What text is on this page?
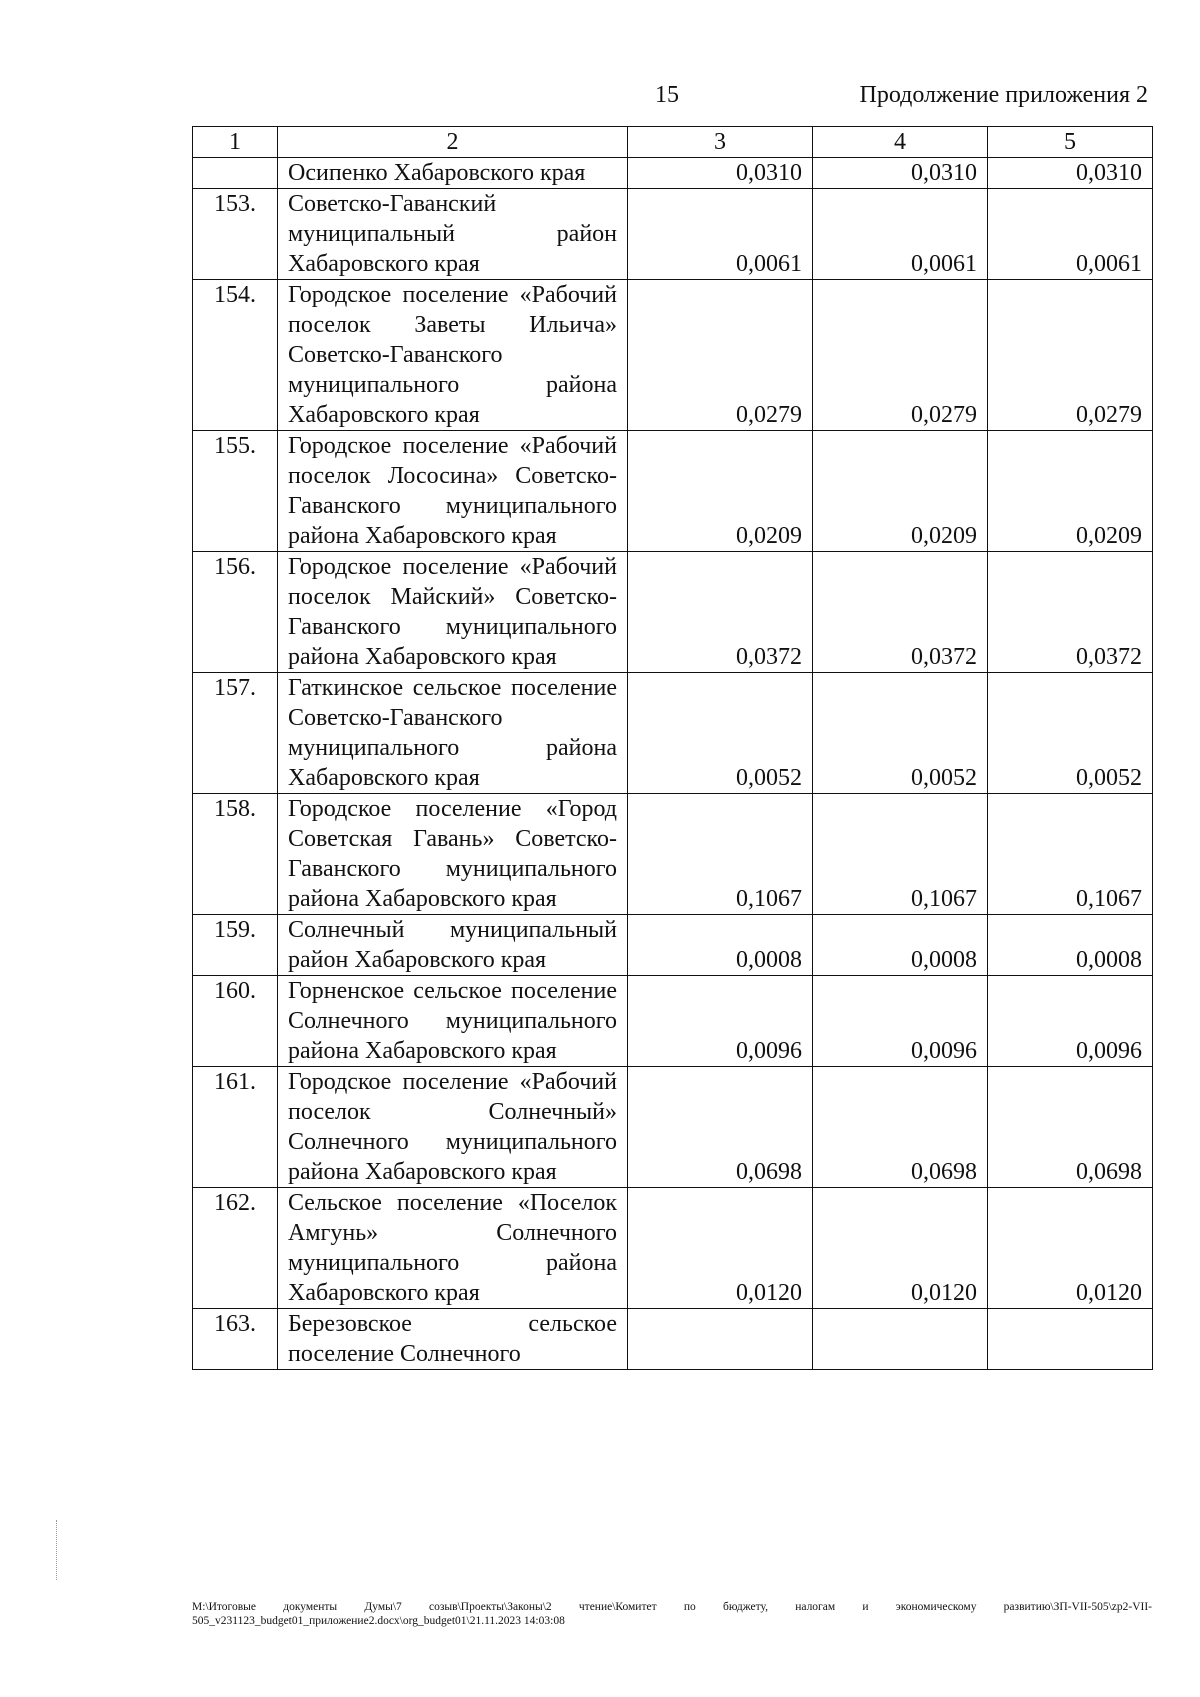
15	Продолжение приложения 2
1	2	3	4	5
	Осипенко Хабаровского края	0,0310	0,0310	0,0310
153.	Советско-Гаванский муниципальный район Хабаровского края	0,0061	0,0061	0,0061
154.	Городское поселение «Рабочий поселок Заветы Ильича» Советско-Гаванского муниципального района Хабаровского края	0,0279	0,0279	0,0279
155.	Городское поселение «Рабочий поселок Лососина» Советско-Гаванского муниципального района Хабаровского края	0,0209	0,0209	0,0209
156.	Городское поселение «Рабочий поселок Майский» Советско-Гаванского муниципального района Хабаровского края	0,0372	0,0372	0,0372
157.	Гаткинское сельское поселение Советско-Гаванского муниципального района Хабаровского края	0,0052	0,0052	0,0052
158.	Городское поселение «Город Советская Гавань» Советско-Гаванского муниципального района Хабаровского края	0,1067	0,1067	0,1067
159.	Солнечный муниципальный район Хабаровского края	0,0008	0,0008	0,0008
160.	Горненское сельское поселение Солнечного муниципального района Хабаровского края	0,0096	0,0096	0,0096
161.	Городское поселение «Рабочий поселок Солнечный» Солнечного муниципального района Хабаровского края	0,0698	0,0698	0,0698
162.	Сельское поселение «Поселок Амгунь» Солнечного муниципального района Хабаровского края	0,0120	0,0120	0,0120
163.	Березовское сельское поселение Солнечного			
M:\Итоговые документы Думы\7 созыв\Проекты\Законы\2 чтение\Комитет по бюджету, налогам и экономическому развитию\ЗП-VII-505\zp2-VII-505_v231123_budget01_приложение2.docx\org_budget01\21.11.2023 14:03:08
